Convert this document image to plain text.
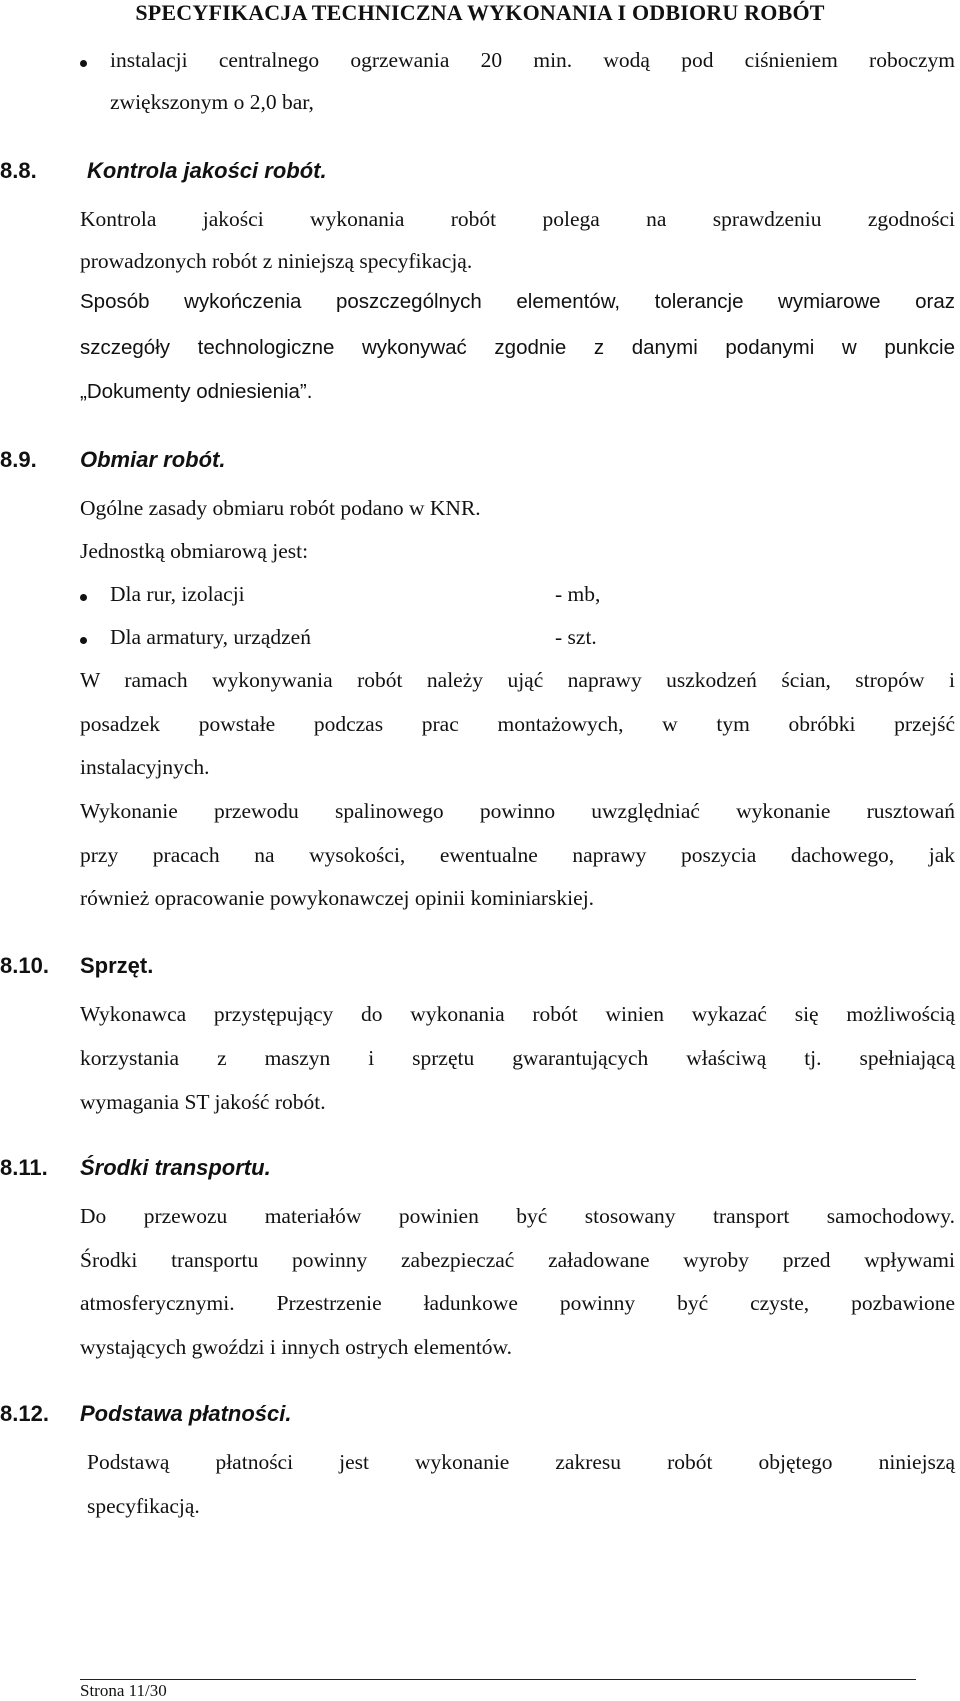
SPECYFIKACJA TECHNICZNA WYKONANIA I ODBIORU ROBÓT
instalacji centralnego ogrzewania 20 min. wodą pod ciśnieniem roboczym
zwiększonym o 2,0 bar,
8.8. Kontrola jakości robót.
Kontrola jakości wykonania robót polega na sprawdzeniu zgodności
prowadzonych robót z niniejszą specyfikacją.
Sposób wykończenia poszczególnych elementów, tolerancje wymiarowe oraz
szczegóły technologiczne wykonywać zgodnie z danymi podanymi w punkcie
„Dokumenty odniesienia”.
8.9. Obmiar robót.
Ogólne zasady obmiaru robót podano w KNR.
Jednostką obmiarową jest:
Dla rur, izolacji	- mb,
Dla armatury, urządzeń	- szt.
W ramach wykonywania robót należy ująć naprawy uszkodzeń ścian, stropów i
posadzek powstałe podczas prac montażowych, w tym obróbki przejść
instalacyjnych.
Wykonanie przewodu spalinowego powinno uwzględniać wykonanie rusztowań
przy pracach na wysokości, ewentualne naprawy poszycia dachowego, jak
również opracowanie powykonawczej opinii kominiarskiej.
8.10. Sprzęt.
Wykonawca przystępujący do wykonania robót winien wykazać się możliwością
korzystania z maszyn i sprzętu gwarantujących właściwą tj. spełniającą
wymagania ST jakość robót.
8.11. Środki transportu.
Do przewozu materiałów powinien być stosowany transport samochodowy.
Środki transportu powinny zabezpieczać załadowane wyroby przed wpływami
atmosferycznymi. Przestrzenie ładunkowe powinny być czyste, pozbawione
wystających gwoździ i innych ostrych elementów.
8.12. Podstawa płatności.
Podstawą płatności jest wykonanie zakresu robót objętego niniejszą
specyfikacją.
Strona 11/30
